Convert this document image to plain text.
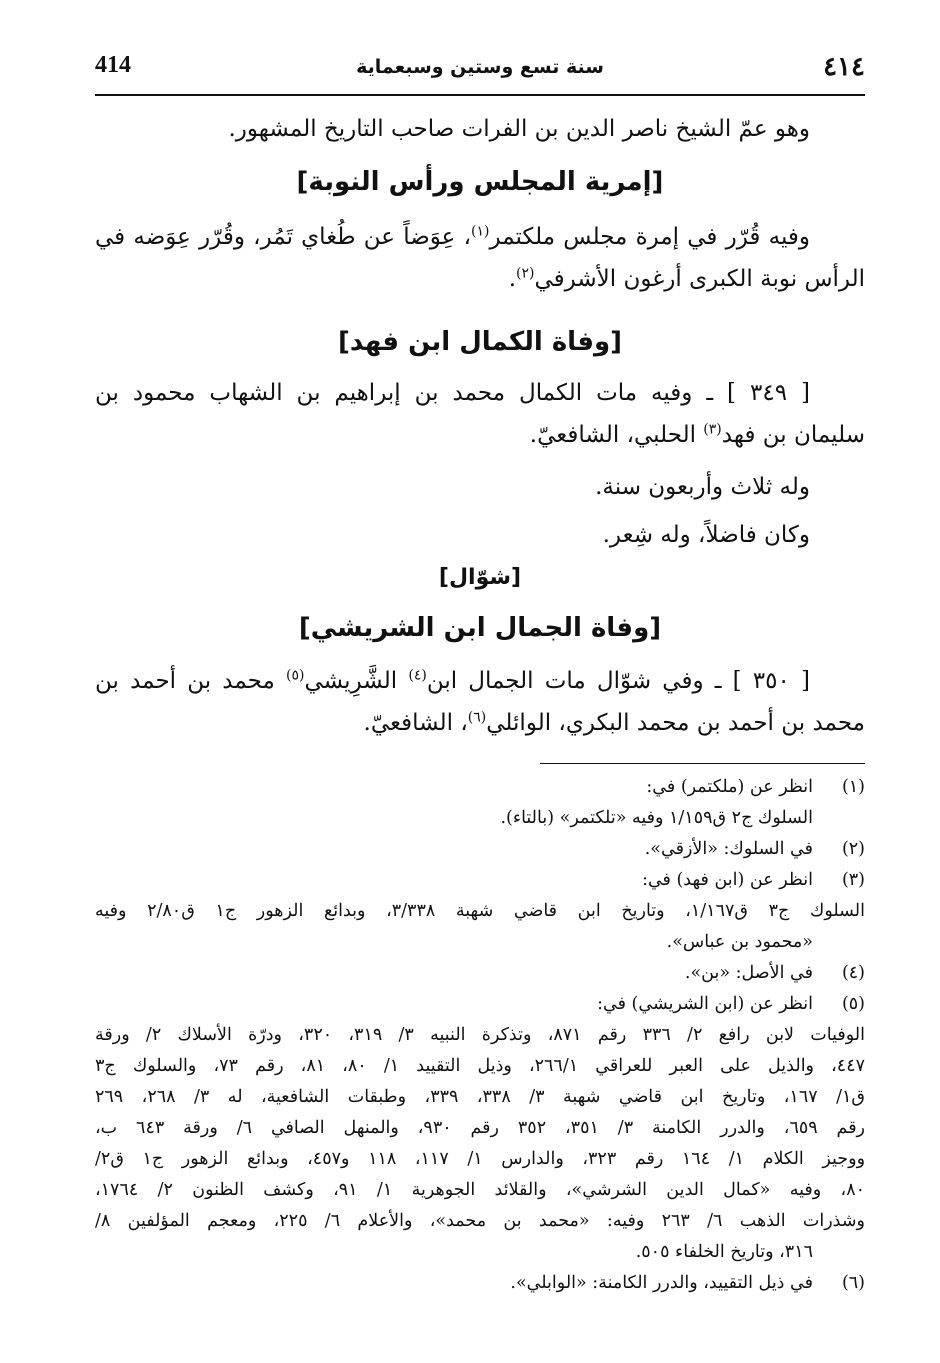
414	سنة تسع وستين وسبعماية	٤١٤
وهو عمّ الشيخ ناصر الدين بن الفرات صاحب التاريخ المشهور.
[إمرية المجلس ورأس النوبة]
وفيه قُرّر في إمرة مجلس ملكتمر$^{(١)}$، عِوَضاً عن طُغاي تَمُر، وقُرّر عِوَضه في
الرأس نوبة الكبرى أرغون الأشرفي$^{(٢)}$.
[وفاة الكمال ابن فهد]
[ ٣٤٩ ] ـ وفيه مات الكمال محمد بن إبراهيم بن الشهاب محمود بن
سليمان بن فهد$^{(٣)}$ الحلبي، الشافعيّ.
وله ثلاث وأربعون سنة.
وكان فاضلاً، وله شِعر.
[شوّال]
[وفاة الجمال ابن الشريشي]
[ ٣٥٠ ] ـ وفي شوّال مات الجمال ابن$^{(٤)}$ الشَّرِيشي$^{(٥)}$ محمد بن أحمد بن
محمد بن أحمد بن محمد البكري، الوائلي$^{(٦)}$، الشافعيّ.
(١)
انظر عن (ملكتمر) في:
السلوك ج٢ ق١/١٥٩ وفيه «تلكتمر» (بالتاء).
(٢)
في السلوك: «الأزقي».
(٣)
انظر عن (ابن فهد) في:
السلوك ج٣ ق١/١٦٧، وتاريخ ابن قاضي شهبة ٣/٣٣٨، وبدائع الزهور ج١ ق٢/٨٠ وفيه
«محمود بن عباس».
(٤)
في الأصل: «بن».
(٥)
انظر عن (ابن الشريشي) في:
الوفيات لابن رافع ٢/ ٣٣٦ رقم ٨٧١، وتذكرة النبيه ٣/ ٣١٩، ٣٢٠، ودرّة الأسلاك ٢/ ورقة
٤٤٧، والذيل على العبر للعراقي ٢٦٦/١، وذيل التقييد ١/ ٨٠، ٨١، رقم ٧٣، والسلوك ج٣
ق١/ ١٦٧، وتاريخ ابن قاضي شهبة ٣/ ٣٣٨، ٣٣٩، وطبقات الشافعية، له ٣/ ٢٦٨، ٢٦٩
رقم ٦٥٩، والدرر الكامنة ٣/ ٣٥١، ٣٥٢ رقم ٩٣٠، والمنهل الصافي ٦/ ورقة ٦٤٣ ب،
ووجيز الكلام ١/ ١٦٤ رقم ٣٢٣، والدارس ١/ ١١٧، ١١٨ و٤٥٧، وبدائع الزهور ج١ ق٢/
٨٠، وفيه «كمال الدين الشرشي»، والقلائد الجوهرية ١/ ٩١، وكشف الظنون ٢/ ١٧٦٤،
وشذرات الذهب ٦/ ٢٦٣ وفيه: «محمد بن محمد»، والأعلام ٦/ ٢٢٥، ومعجم المؤلفين ٨/
٣١٦، وتاريخ الخلفاء ٥٠٥.
(٦)
في ذيل التقييد، والدرر الكامنة: «الوابلي».
